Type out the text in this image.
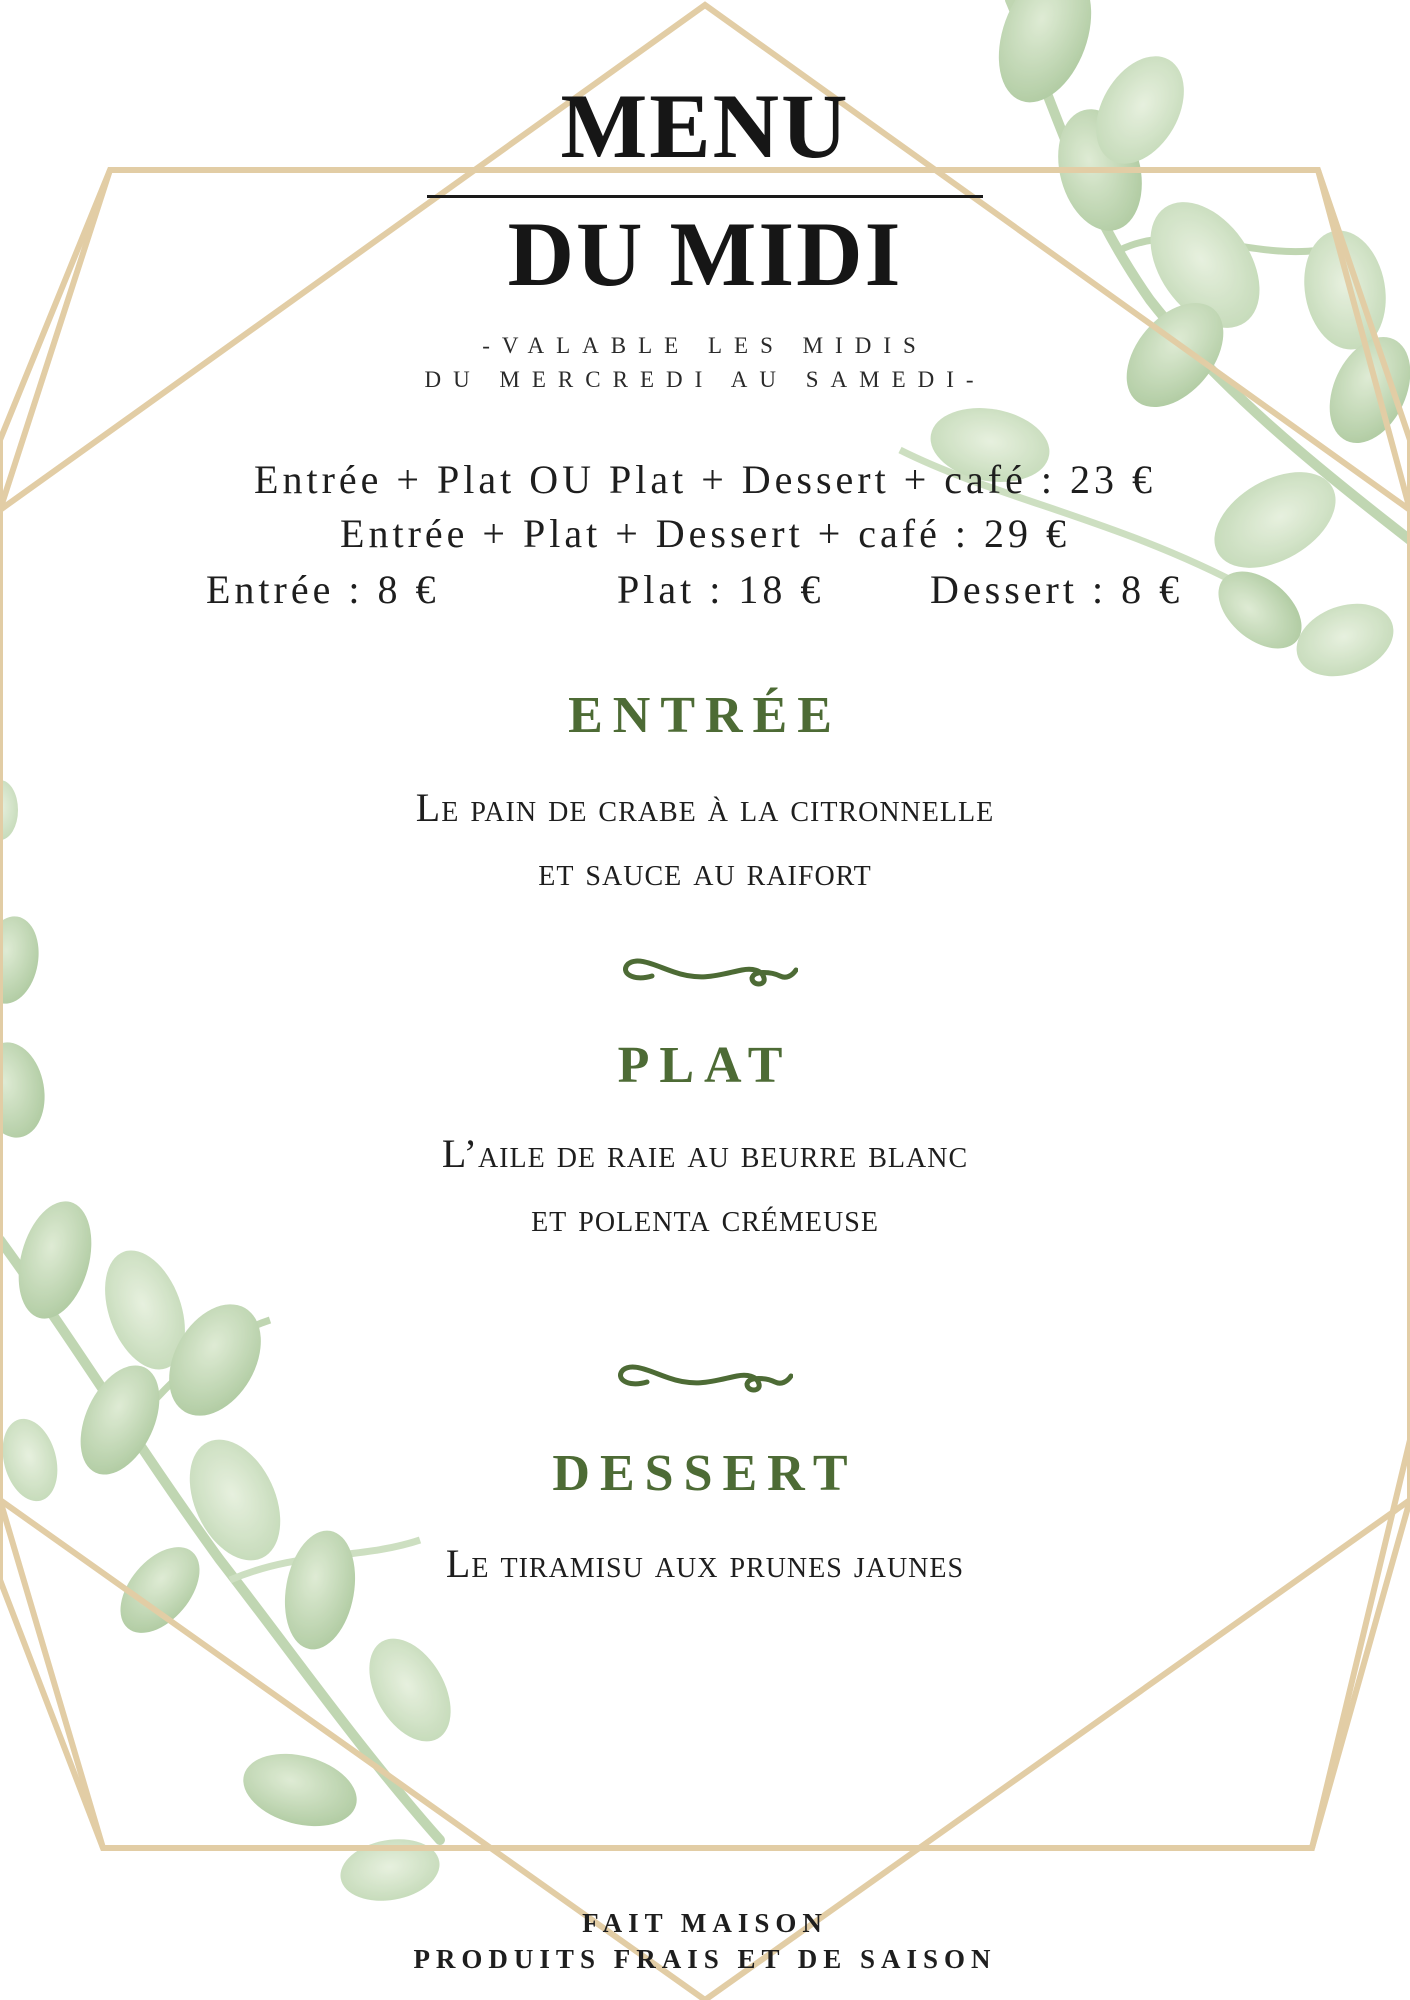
MENU
DU MIDI

-VALABLE LES MIDIS

DU MERCREDI AU SAMEDI-

Entrée + Plat OU Plat + Dessert + café : 23 €

Entrée + Plat + Dessert + café : 29 €

Entrée : 8 €	Plat : 18 €	Dessert : 8 €

ENTRÉE

Le pain de crabe à la citronnelle

et sauce au raifort

PLAT

L’aile de raie au beurre blanc

et polenta crémeuse

DESSERT

Le tiramisu aux prunes jaunes

FAIT MAISON

PRODUITS FRAIS ET DE SAISON
